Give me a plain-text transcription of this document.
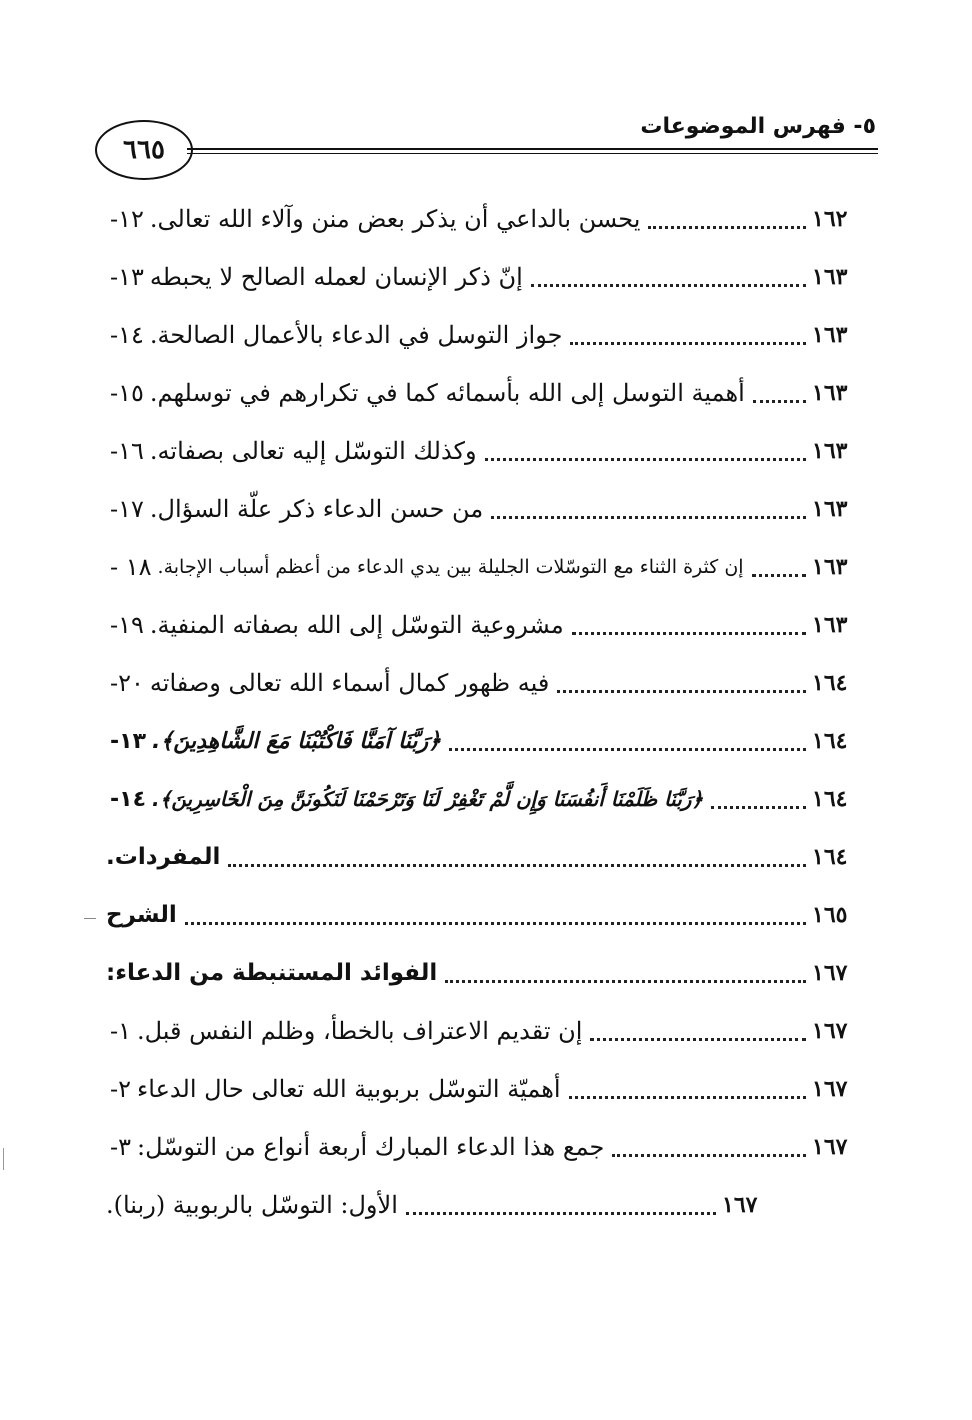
٦٦٥
٥- فهرس الموضوعات
١٢- يحسن بالداعي أن يذكر بعض منن وآلاء الله تعالى.	١٦٢
١٣- إنّ ذكر الإنسان لعمله الصالح لا يحبطه	١٦٣
١٤- جواز التوسل في الدعاء بالأعمال الصالحة.	١٦٣
١٥- أهمية التوسل إلى الله بأسمائه كما في تكرارهم في توسلهم.	١٦٣
١٦- وكذلك التوسّل إليه تعالى بصفاته.	١٦٣
١٧- من حسن الدعاء ذكر علّة السؤال.	١٦٣
١٨ - إن كثرة الثناء مع التوسّلات الجليلة بين يدي الدعاء من أعظم أسباب الإجابة.	١٦٣
١٩- مشروعية التوسّل إلى الله بصفاته المنفية.	١٦٣
٢٠- فيه ظهور كمال أسماء الله تعالى وصفاته	١٦٤
١٣- ﴿رَبَّنَا آمَنَّا فَاكْتُبْنَا مَعَ الشَّاهِدِينَ﴾.	١٦٤
١٤- ﴿رَبَّنَا ظَلَمْنَا أَنفُسَنَا وَإِن لَّمْ تَغْفِرْ لَنَا وَتَرْحَمْنَا لَنَكُونَنَّ مِنَ الْخَاسِرِينَ﴾.	١٦٤
المفردات.	١٦٤
الشرح	١٦٥
الفوائد المستنبطة من الدعاء:	١٦٧
١- إن تقديم الاعتراف بالخطأ، وظلم النفس قبل.	١٦٧
٢- أهميّة التوسّل بربوبية الله تعالى حال الدعاء	١٦٧
٣- جمع هذا الدعاء المبارك أربعة أنواع من التوسّل:	١٦٧
الأول: التوسّل بالربوبية (ربنا).	١٦٧
